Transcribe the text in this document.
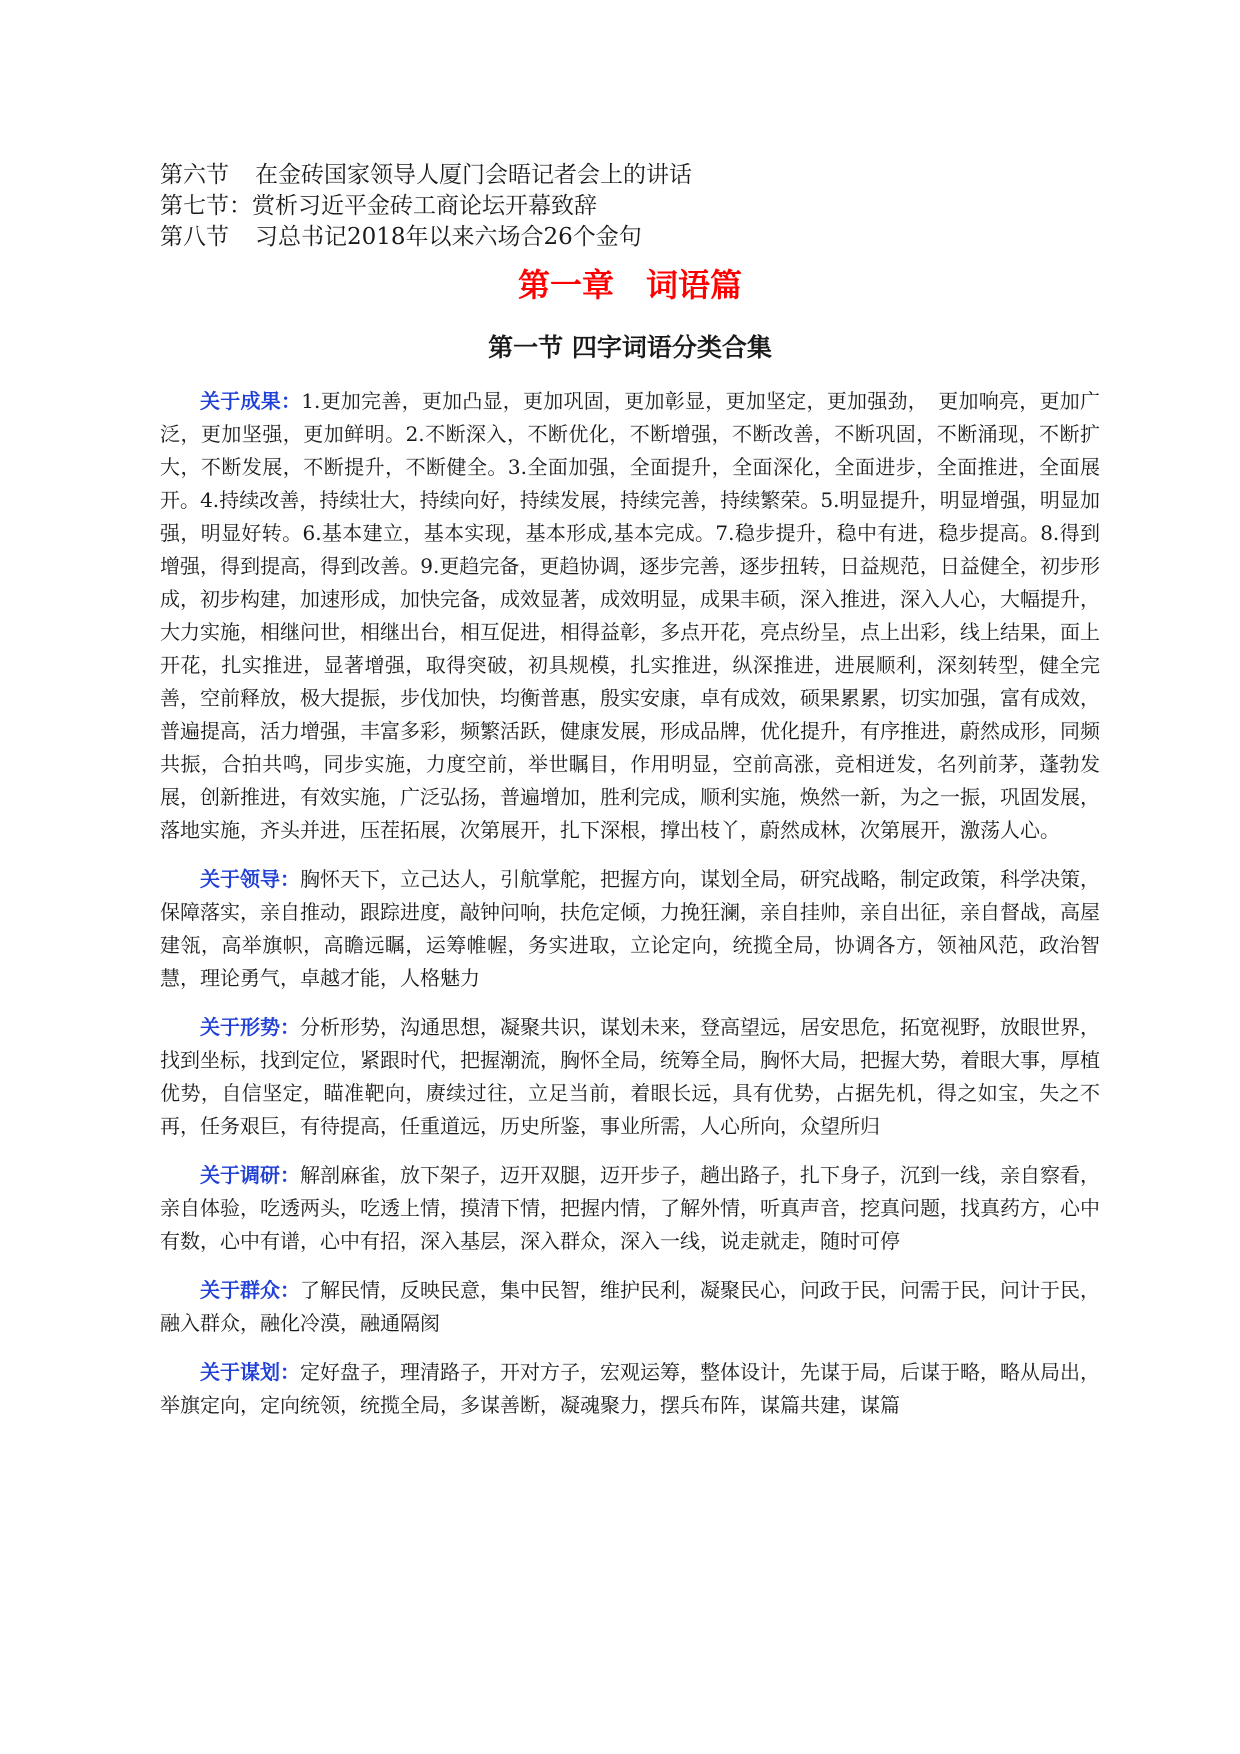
第六节 在金砖国家领导人厦门会晤记者会上的讲话
第七节：赏析习近平金砖工商论坛开幕致辞
第八节 习总书记2018年以来六场合26个金句
第一章　词语篇
第一节 四字词语分类合集

关于成果：1.更加完善，更加凸显，更加巩固，更加彰显，更加坚定，更加强劲，　更加响亮，更加广泛，更加坚强，更加鲜明。2.不断深入，不断优化，不断增强，不断改善，不断巩固，不断涌现，不断扩大，不断发展，不断提升，不断健全。3.全面加强，全面提升，全面深化，全面进步，全面推进，全面展开。4.持续改善，持续壮大，持续向好，持续发展，持续完善，持续繁荣。5.明显提升，明显增强，明显加强，明显好转。6.基本建立，基本实现，基本形成,基本完成。7.稳步提升，稳中有进，稳步提高。8.得到增强，得到提高，得到改善。9.更趋完备，更趋协调，逐步完善，逐步扭转，日益规范，日益健全，初步形成，初步构建，加速形成，加快完备，成效显著，成效明显，成果丰硕，深入推进，深入人心，大幅提升，大力实施，相继问世，相继出台，相互促进，相得益彰，多点开花，亮点纷呈，点上出彩，线上结果，面上开花，扎实推进，显著增强，取得突破，初具规模，扎实推进，纵深推进，进展顺利，深刻转型，健全完善，空前释放，极大提振，步伐加快，均衡普惠，殷实安康，卓有成效，硕果累累，切实加强，富有成效，普遍提高，活力增强，丰富多彩，频繁活跃，健康发展，形成品牌，优化提升，有序推进，蔚然成形，同频共振，合拍共鸣，同步实施，力度空前，举世瞩目，作用明显，空前高涨，竞相迸发，名列前茅，蓬勃发展，创新推进，有效实施，广泛弘扬，普遍增加，胜利完成，顺利实施，焕然一新，为之一振，巩固发展，落地实施，齐头并进，压茬拓展，次第展开，扎下深根，撑出枝丫，蔚然成林，次第展开，激荡人心。

关于领导：胸怀天下，立己达人，引航掌舵，把握方向，谋划全局，研究战略，制定政策，科学决策，保障落实，亲自推动，跟踪进度，敲钟问响，扶危定倾，力挽狂澜，亲自挂帅，亲自出征，亲自督战，高屋建瓴，高举旗帜，高瞻远瞩，运筹帷幄，务实进取，立论定向，统揽全局，协调各方，领袖风范，政治智慧，理论勇气，卓越才能，人格魅力

关于形势：分析形势，沟通思想，凝聚共识，谋划未来，登高望远，居安思危，拓宽视野，放眼世界，找到坐标，找到定位，紧跟时代，把握潮流，胸怀全局，统筹全局，胸怀大局，把握大势，着眼大事，厚植优势，自信坚定，瞄准靶向，赓续过往，立足当前，着眼长远，具有优势，占据先机，得之如宝，失之不再，任务艰巨，有待提高，任重道远，历史所鉴，事业所需，人心所向，众望所归

关于调研：解剖麻雀，放下架子，迈开双腿，迈开步子，趟出路子，扎下身子，沉到一线，亲自察看，亲自体验，吃透两头，吃透上情，摸清下情，把握内情，了解外情，听真声音，挖真问题，找真药方，心中有数，心中有谱，心中有招，深入基层，深入群众，深入一线，说走就走，随时可停

关于群众：了解民情，反映民意，集中民智，维护民利，凝聚民心，问政于民，问需于民，问计于民，融入群众，融化冷漠，融通隔阂

关于谋划：定好盘子，理清路子，开对方子，宏观运筹，整体设计，先谋于局，后谋于略，略从局出，举旗定向，定向统领，统揽全局，多谋善断，凝魂聚力，摆兵布阵，谋篇共建，谋篇
